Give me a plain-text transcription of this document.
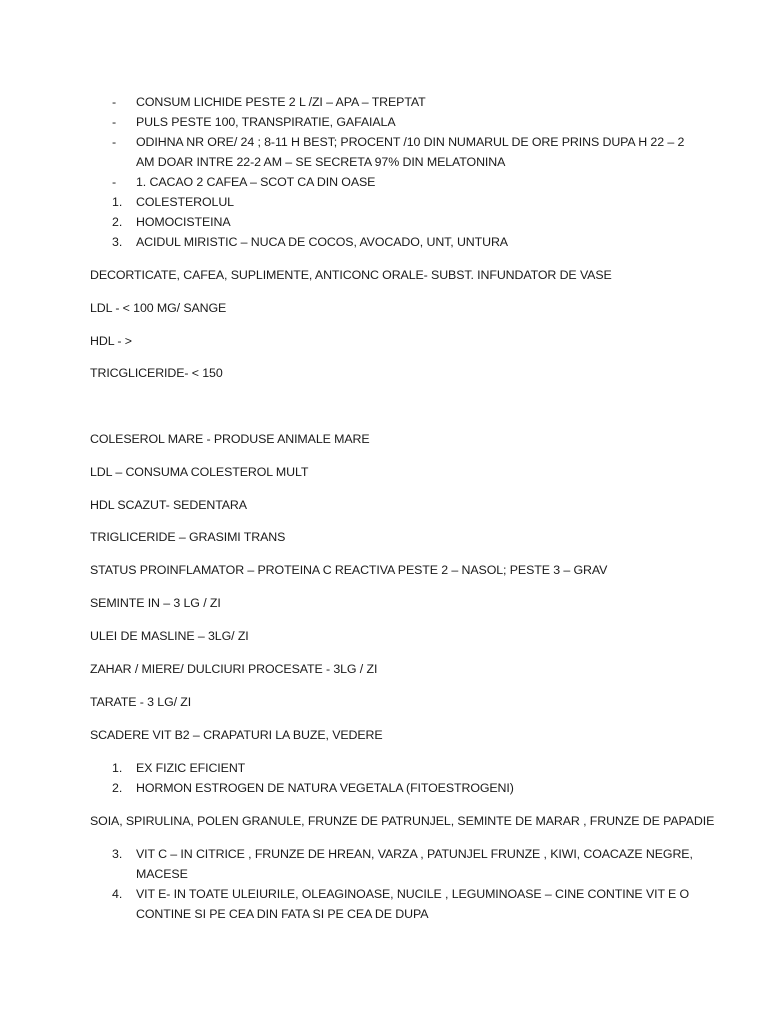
- CONSUM LICHIDE PESTE 2 L /ZI – APA – TREPTAT
- PULS PESTE 100, TRANSPIRATIE, GAFAIALA
- ODIHNA NR ORE/ 24 ; 8-11 H BEST; PROCENT /10 DIN NUMARUL DE ORE PRINS DUPA H 22 – 2
AM DOAR INTRE 22-2 AM – SE SECRETA 97% DIN MELATONINA
- 1. CACAO 2 CAFEA – SCOT CA DIN OASE
1. COLESTEROLUL
2. HOMOCISTEINA
3. ACIDUL MIRISTIC – NUCA DE COCOS, AVOCADO, UNT, UNTURA
DECORTICATE, CAFEA, SUPLIMENTE, ANTICONC ORALE- SUBST. INFUNDATOR DE VASE
LDL - < 100 MG/ SANGE
HDL - >
TRICGLICERIDE- < 150
COLESEROL MARE - PRODUSE ANIMALE MARE
LDL – CONSUMA COLESTEROL MULT
HDL SCAZUT- SEDENTARA
TRIGLICERIDE – GRASIMI TRANS
STATUS PROINFLAMATOR – PROTEINA C REACTIVA PESTE 2 – NASOL; PESTE 3 – GRAV
SEMINTE IN – 3 LG / ZI
ULEI DE MASLINE – 3LG/ ZI
ZAHAR / MIERE/ DULCIURI PROCESATE - 3LG / ZI
TARATE - 3 LG/ ZI
SCADERE VIT B2 – CRAPATURI LA BUZE, VEDERE
1. EX FIZIC EFICIENT
2. HORMON ESTROGEN DE NATURA VEGETALA (FITOESTROGENI)
SOIA, SPIRULINA, POLEN GRANULE, FRUNZE DE PATRUNJEL, SEMINTE DE MARAR , FRUNZE DE PAPADIE
3. VIT C – IN CITRICE , FRUNZE DE HREAN, VARZA , PATUNJEL FRUNZE , KIWI, COACAZE NEGRE,
MACESE
4. VIT E- IN TOATE ULEIURILE, OLEAGINOASE, NUCILE , LEGUMINOASE – CINE CONTINE VIT E O
CONTINE SI PE CEA DIN FATA SI PE CEA DE DUPA
